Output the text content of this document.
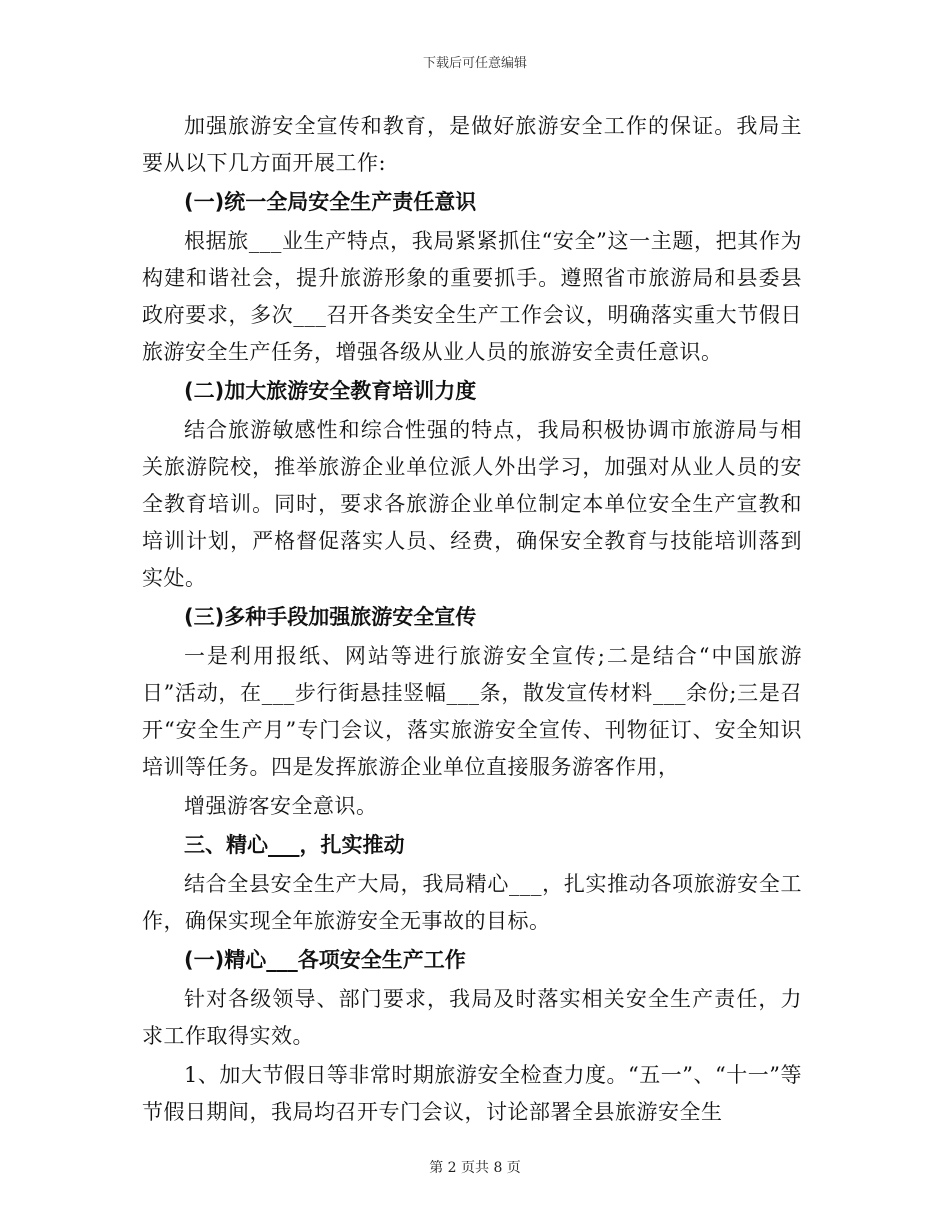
下载后可任意编辑

加强旅游安全宣传和教育，是做好旅游安全工作的保证。我局主要从以下几方面开展工作:

(一)统一全局安全生产责任意识

根据旅___业生产特点，我局紧紧抓住“安全”这一主题，把其作为构建和谐社会，提升旅游形象的重要抓手。遵照省市旅游局和县委县政府要求，多次___召开各类安全生产工作会议，明确落实重大节假日旅游安全生产任务，增强各级从业人员的旅游安全责任意识。

(二)加大旅游安全教育培训力度

结合旅游敏感性和综合性强的特点，我局积极协调市旅游局与相关旅游院校，推举旅游企业单位派人外出学习，加强对从业人员的安全教育培训。同时，要求各旅游企业单位制定本单位安全生产宣教和培训计划，严格督促落实人员、经费，确保安全教育与技能培训落到实处。

(三)多种手段加强旅游安全宣传

一是利用报纸、网站等进行旅游安全宣传;二是结合“中国旅游日”活动，在___步行街悬挂竖幅___条，散发宣传材料___余份;三是召开“安全生产月”专门会议，落实旅游安全宣传、刊物征订、安全知识培训等任务。四是发挥旅游企业单位直接服务游客作用，

增强游客安全意识。

三、精心___，扎实推动

结合全县安全生产大局，我局精心___，扎实推动各项旅游安全工作，确保实现全年旅游安全无事故的目标。

(一)精心___各项安全生产工作

针对各级领导、部门要求，我局及时落实相关安全生产责任，力求工作取得实效。

1、加大节假日等非常时期旅游安全检查力度。“五一”、“十一”等节假日期间，我局均召开专门会议，讨论部署全县旅游安全生

第 2 页共 8 页
